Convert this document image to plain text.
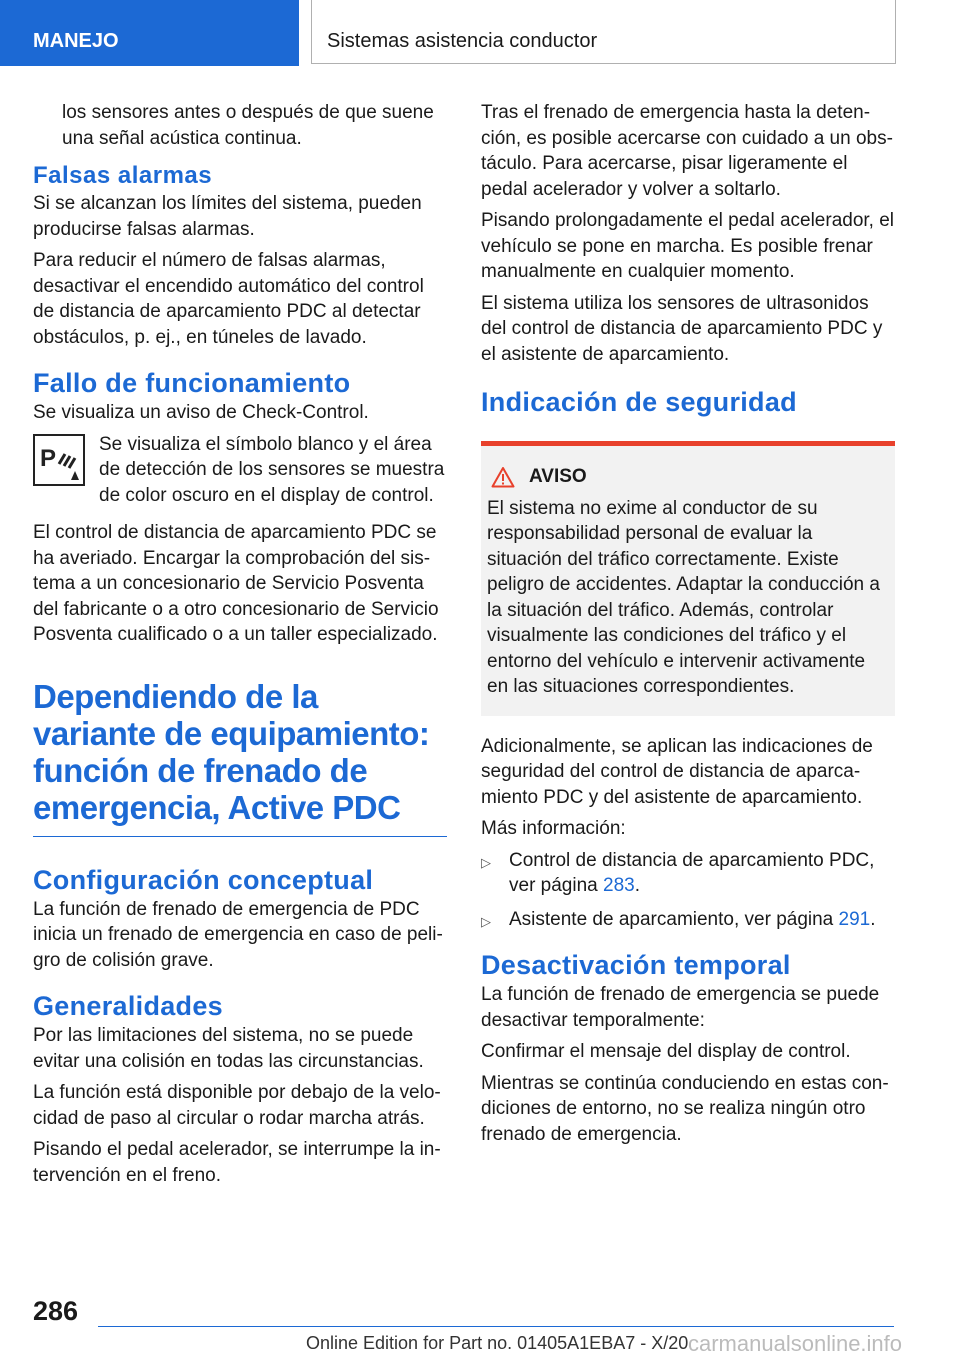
MANEJO	Sistemas asistencia conductor

los sensores antes o después de que suene una señal acústica continua.

Falsas alarmas

Si se alcanzan los límites del sistema, pueden producirse falsas alarmas.

Para reducir el número de falsas alarmas, desactivar el encendido automático del control de distancia de aparcamiento PDC al detectar obstáculos, p. ej., en túneles de lavado.

Fallo de funcionamiento

Se visualiza un aviso de Check-Control.

P
Se visualiza el símbolo blanco y el área de detección de los sensores se muestra de color oscuro en el display de control.

El control de distancia de aparcamiento PDC se ha averiado. Encargar la comprobación del sistema a un concesionario de Servicio Posventa del fabricante o a otro concesionario de Servicio Posventa cualificado o a un taller especializado.

Dependiendo de la variante de equipamiento: función de frenado de emergencia, Active PDC
Configuración conceptual

La función de frenado de emergencia de PDC inicia un frenado de emergencia en caso de peligro de colisión grave.

Generalidades

Por las limitaciones del sistema, no se puede evitar una colisión en todas las circunstancias.

La función está disponible por debajo de la velocidad de paso al circular o rodar marcha atrás.

Pisando el pedal acelerador, se interrumpe la intervención en el freno.

Tras el frenado de emergencia hasta la detención, es posible acercarse con cuidado a un obstáculo. Para acercarse, pisar ligeramente el pedal acelerador y volver a soltarlo.

Pisando prolongadamente el pedal acelerador, el vehículo se pone en marcha. Es posible frenar manualmente en cualquier momento.

El sistema utiliza los sensores de ultrasonidos del control de distancia de aparcamiento PDC y el asistente de aparcamiento.

Indicación de seguridad
AVISO

El sistema no exime al conductor de su responsabilidad personal de evaluar la situación del tráfico correctamente. Existe peligro de accidentes. Adaptar la conducción a la situación del tráfico. Además, controlar visualmente las condiciones del tráfico y el entorno del vehículo e intervenir activamente en las situaciones correspondientes.

Adicionalmente, se aplican las indicaciones de seguridad del control de distancia de aparcamiento PDC y del asistente de aparcamiento.

Más información:

▷ Control de distancia de aparcamiento PDC, ver página 283.
▷ Asistente de aparcamiento, ver página 291.
Desactivación temporal

La función de frenado de emergencia se puede desactivar temporalmente:

Confirmar el mensaje del display de control.

Mientras se continúa conduciendo en estas condiciones de entorno, no se realiza ningún otro frenado de emergencia.

286
Online Edition for Part no. 01405A1EBA7 - X/20 carmanualsonline.info
